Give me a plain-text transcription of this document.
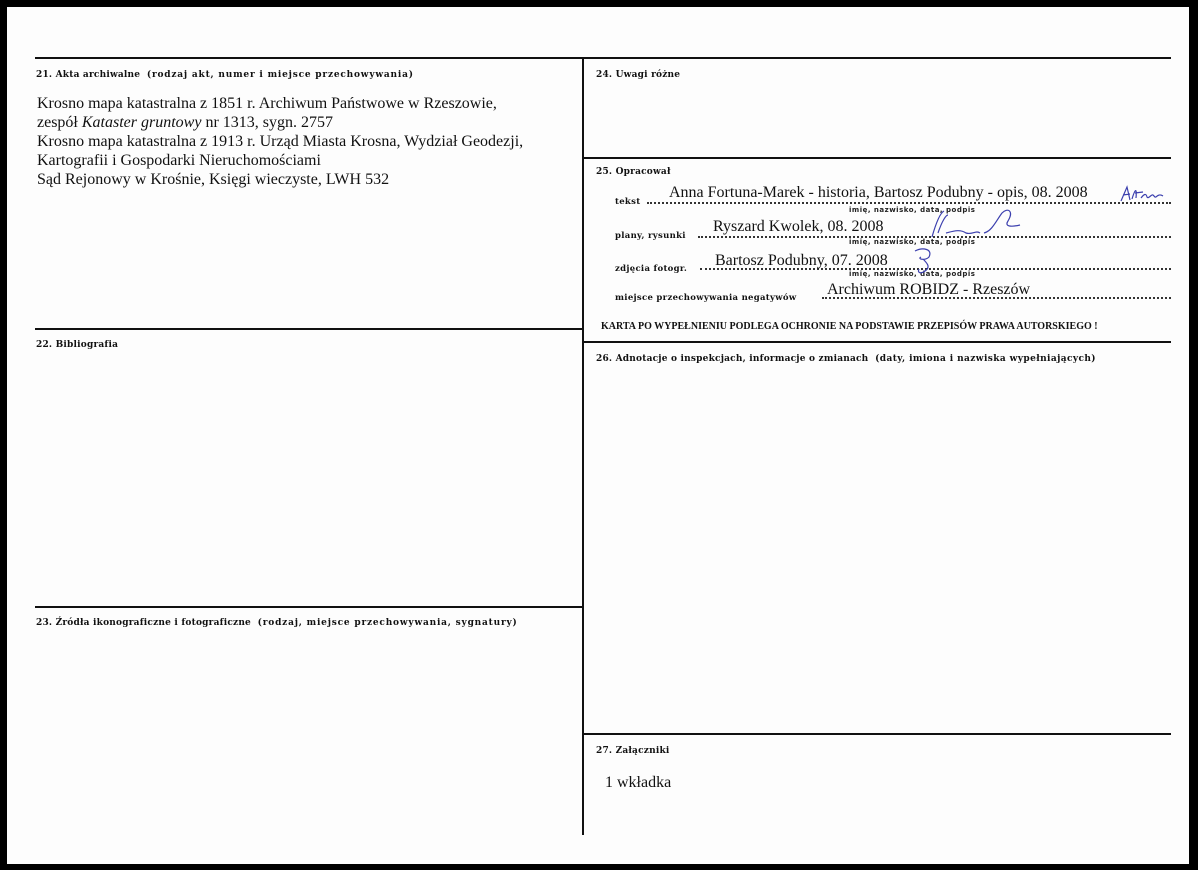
21. Akta archiwalne (rodzaj akt, numer i miejsce przechowywania)
Krosno mapa katastralna z 1851 r. Archiwum Państwowe w Rzeszowie,
zespół Kataster gruntowy nr 1313, sygn. 2757
Krosno mapa katastralna z 1913 r. Urząd Miasta Krosna, Wydział Geodezji,
Kartografii i Gospodarki Nieruchomościami
Sąd Rejonowy w Krośnie, Księgi wieczyste, LWH 532
22. Bibliografia
23. Źródła ikonograficzne i fotograficzne (rodzaj, miejsce przechowywania, sygnatury)
24. Uwagi różne
25. Opracował
tekst
Anna Fortuna-Marek - historia, Bartosz Podubny - opis, 08. 2008
imię, nazwisko, data, podpis
plany, rysunki
Ryszard Kwolek, 08. 2008
imię, nazwisko, data, podpis
zdjęcia fotogr. Bartosz Podubny, 07. 2008
imię, nazwisko, data, podpis
miejsce przechowywania negatywów Archiwum ROBIDZ - Rzeszów
KARTA PO WYPEŁNIENIU PODLEGA OCHRONIE NA PODSTAWIE PRZEPISÓW PRAWA AUTORSKIEGO !
26. Adnotacje o inspekcjach, informacje o zmianach (daty, imiona i nazwiska wypełniających)
27. Załączniki
1 wkładka
